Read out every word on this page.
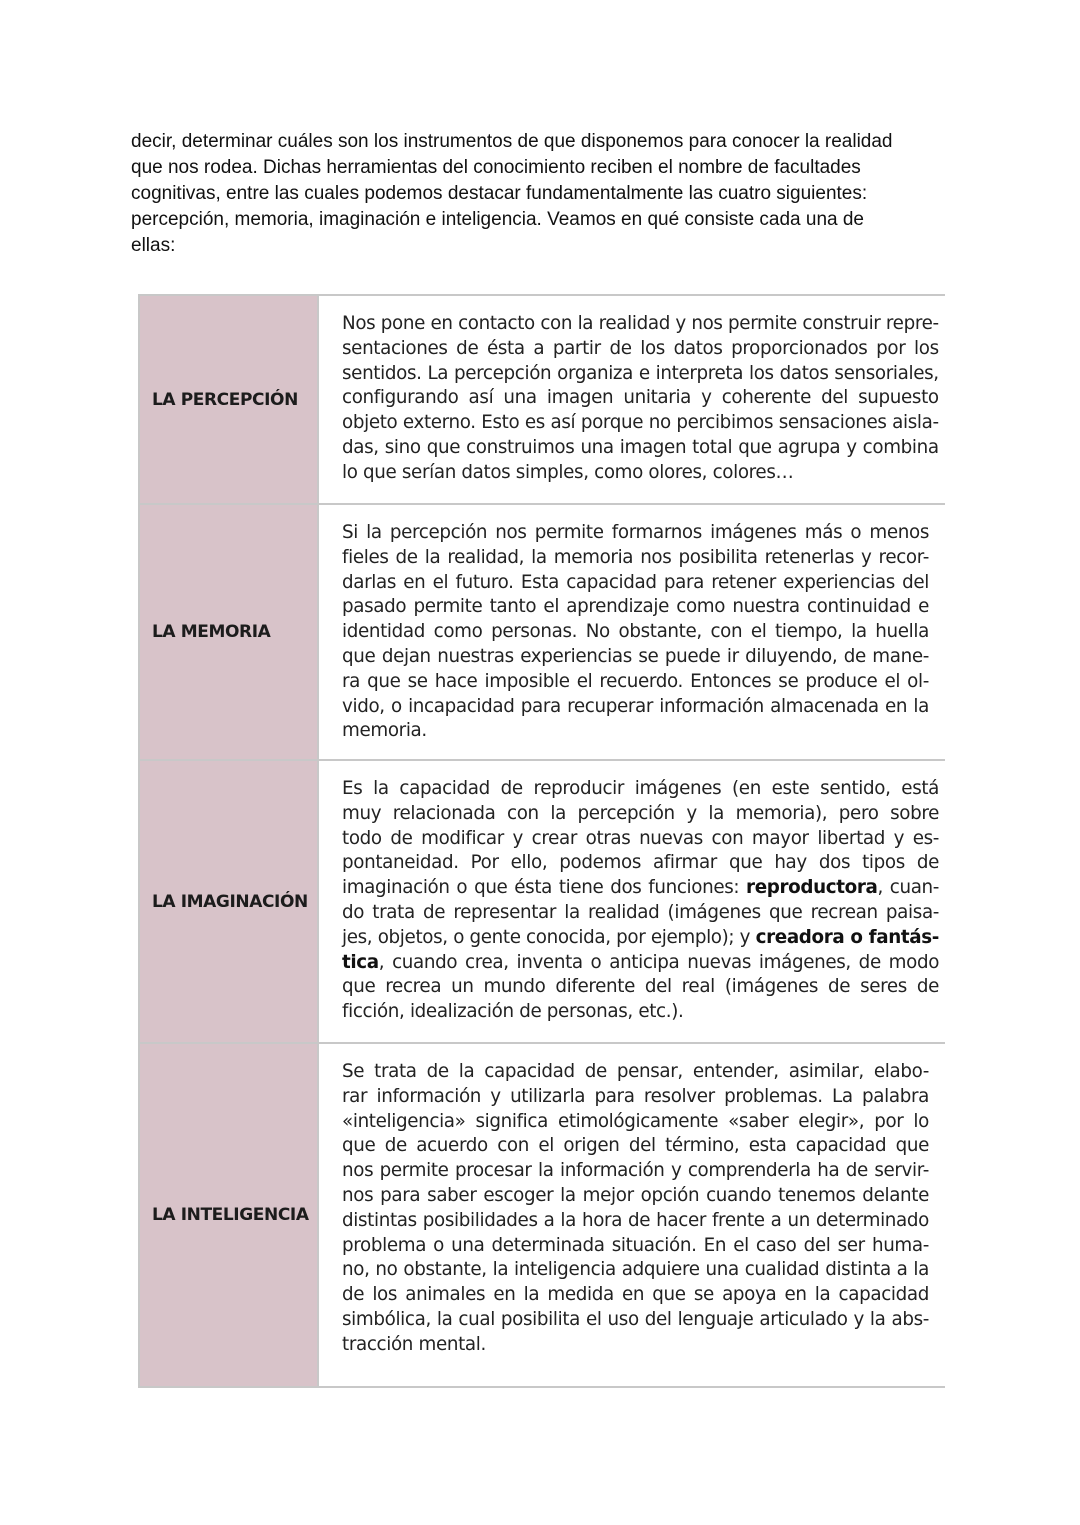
decir, determinar cuáles son los instrumentos de que disponemos para conocer la realidad
que nos rodea. Dichas herramientas del conocimiento reciben el nombre de facultades
cognitivas, entre las cuales podemos destacar fundamentalmente las cuatro siguientes:
percepción, memoria, imaginación e inteligencia. Veamos en qué consiste cada una de
ellas:
LA PERCEPCIÓN
Nos pone en contacto con la realidad y nos permite construir repre-
sentaciones de ésta a partir de los datos proporcionados por los
sentidos. La percepción organiza e interpreta los datos sensoriales,
configurando así una imagen unitaria y coherente del supuesto
objeto externo. Esto es así porque no percibimos sensaciones aisla-
das, sino que construimos una imagen total que agrupa y combina
lo que serían datos simples, como olores, colores…
LA MEMORIA
Si la percepción nos permite formarnos imágenes más o menos
fieles de la realidad, la memoria nos posibilita retenerlas y recor-
darlas en el futuro. Esta capacidad para retener experiencias del
pasado permite tanto el aprendizaje como nuestra continuidad e
identidad como personas. No obstante, con el tiempo, la huella
que dejan nuestras experiencias se puede ir diluyendo, de mane-
ra que se hace imposible el recuerdo. Entonces se produce el ol-
vido, o incapacidad para recuperar información almacenada en la
memoria.
LA IMAGINACIÓN
Es la capacidad de reproducir imágenes (en este sentido, está
muy relacionada con la percepción y la memoria), pero sobre
todo de modificar y crear otras nuevas con mayor libertad y es-
pontaneidad. Por ello, podemos afirmar que hay dos tipos de
imaginación o que ésta tiene dos funciones: reproductora, cuan-
do trata de representar la realidad (imágenes que recrean paisa-
jes, objetos, o gente conocida, por ejemplo); y creadora o fantás-
tica, cuando crea, inventa o anticipa nuevas imágenes, de modo
que recrea un mundo diferente del real (imágenes de seres de
ficción, idealización de personas, etc.).
LA INTELIGENCIA
Se trata de la capacidad de pensar, entender, asimilar, elabo-
rar información y utilizarla para resolver problemas. La palabra
«inteligencia» significa etimológicamente «saber elegir», por lo
que de acuerdo con el origen del término, esta capacidad que
nos permite procesar la información y comprenderla ha de servir-
nos para saber escoger la mejor opción cuando tenemos delante
distintas posibilidades a la hora de hacer frente a un determinado
problema o una determinada situación. En el caso del ser huma-
no, no obstante, la inteligencia adquiere una cualidad distinta a la
de los animales en la medida en que se apoya en la capacidad
simbólica, la cual posibilita el uso del lenguaje articulado y la abs-
tracción mental.
